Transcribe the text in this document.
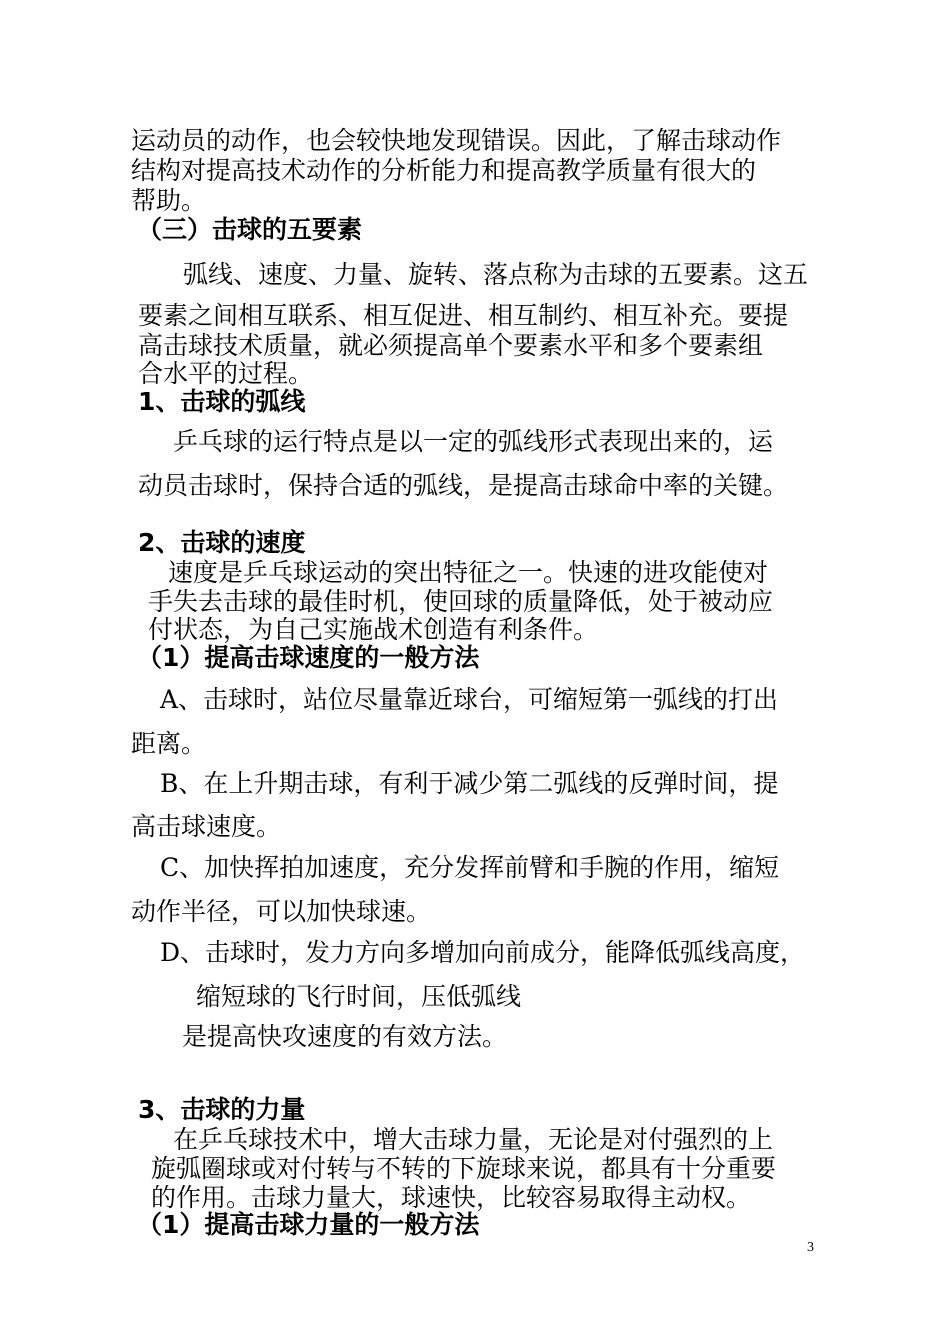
运动员的动作，也会较快地发现错误。因此，了解击球动作
结构对提高技术动作的分析能力和提高教学质量有很大的
帮助。
（三）击球的五要素
弧线、速度、力量、旋转、落点称为击球的五要素。这五
要素之间相互联系、相互促进、相互制约、相互补充。要提
高击球技术质量，就必须提高单个要素水平和多个要素组
合水平的过程。
1、击球的弧线
乒乓球的运行特点是以一定的弧线形式表现出来的，运
动员击球时，保持合适的弧线，是提高击球命中率的关键。
2、击球的速度
速度是乒乓球运动的突出特征之一。快速的进攻能使对
手失去击球的最佳时机，使回球的质量降低，处于被动应
付状态，为自己实施战术创造有利条件。
（1）提高击球速度的一般方法
A、击球时，站位尽量靠近球台，可缩短第一弧线的打出
距离。
B、在上升期击球，有利于减少第二弧线的反弹时间，提
高击球速度。
C、加快挥拍加速度，充分发挥前臂和手腕的作用，缩短
动作半径，可以加快球速。
D、击球时，发力方向多增加向前成分，能降低弧线高度，
缩短球的飞行时间，压低弧线
是提高快攻速度的有效方法。
3、击球的力量
在乒乓球技术中，增大击球力量，无论是对付强烈的上
旋弧圈球或对付转与不转的下旋球来说，都具有十分重要
的作用。击球力量大，球速快，比较容易取得主动权。
（1）提高击球力量的一般方法
3
